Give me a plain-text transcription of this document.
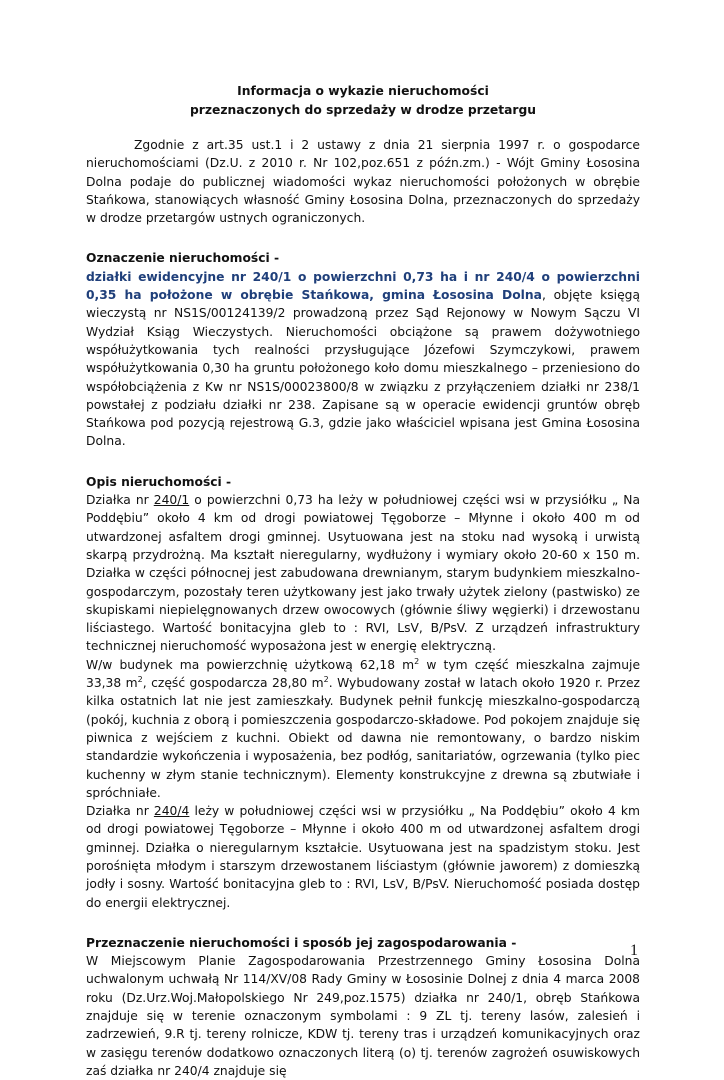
Informacja o wykazie nieruchomości
przeznaczonych do sprzedaży w drodze przetargu

Zgodnie z art.35 ust.1 i 2 ustawy z dnia 21 sierpnia 1997 r. o gospodarce nieruchomościami (Dz.U. z 2010 r. Nr 102,poz.651 z późn.zm.) - Wójt Gminy Łososina Dolna podaje do publicznej wiadomości wykaz nieruchomości położonych w obrębie Stańkowa, stanowiących własność Gminy Łososina Dolna, przeznaczonych do sprzedaży w drodze przetargów ustnych ograniczonych.

Oznaczenie nieruchomości -

działki ewidencyjne nr 240/1 o powierzchni 0,73 ha i nr 240/4 o powierzchni 0,35 ha położone w obrębie Stańkowa, gmina Łososina Dolna, objęte księgą wieczystą nr NS1S/00124139/2 prowadzoną przez Sąd Rejonowy w Nowym Sączu VI Wydział Ksiąg Wieczystych. Nieruchomości obciążone są prawem dożywotniego współużytkowania tych realności przysługujące Józefowi Szymczykowi, prawem współużytkowania 0,30 ha gruntu położonego koło domu mieszkalnego – przeniesiono do współobciążenia z Kw nr NS1S/00023800/8 w związku z przyłączeniem działki nr 238/1 powstałej z podziału działki nr 238. Zapisane są w operacie ewidencji gruntów obręb Stańkowa pod pozycją rejestrową G.3, gdzie jako właściciel wpisana jest Gmina Łososina Dolna.

Opis nieruchomości -

Działka nr 240/1 o powierzchni 0,73 ha leży w południowej części wsi w przysiółku „ Na Poddębiu” około 4 km od drogi powiatowej Tęgoborze – Młynne i około 400 m od utwardzonej asfaltem drogi gminnej. Usytuowana jest na stoku nad wysoką i urwistą skarpą przydrożną. Ma kształt nieregularny, wydłużony i wymiary około 20-60 x 150 m. Działka w części północnej jest zabudowana drewnianym, starym budynkiem mieszkalno-gospodarczym, pozostały teren użytkowany jest jako trwały użytek zielony (pastwisko) ze skupiskami niepielęgnowanych drzew owocowych (głównie śliwy węgierki) i drzewostanu liściastego. Wartość bonitacyjna gleb to : RVI, LsV, B/PsV. Z urządzeń infrastruktury technicznej nieruchomość wyposażona jest w energię elektryczną.

W/w budynek ma powierzchnię użytkową 62,18 $m^2$ w tym część mieszkalna zajmuje 33,38 $m^2$, część gospodarcza 28,80 $m^2$. Wybudowany został w latach około 1920 r. Przez kilka ostatnich lat nie jest zamieszkały. Budynek pełnił funkcję mieszkalno-gospodarczą (pokój, kuchnia z oborą i pomieszczenia gospodarczo-składowe. Pod pokojem znajduje się piwnica z wejściem z kuchni. Obiekt od dawna nie remontowany, o bardzo niskim standardzie wykończenia i wyposażenia, bez podłóg, sanitariatów, ogrzewania (tylko piec kuchenny w złym stanie technicznym). Elementy konstrukcyjne z drewna są zbutwiałe i spróchniałe.

Działka nr 240/4 leży w południowej części wsi w przysiółku „ Na Poddębiu” około 4 km od drogi powiatowej Tęgoborze – Młynne i około 400 m od utwardzonej asfaltem drogi gminnej. Działka o nieregularnym kształcie. Usytuowana jest na spadzistym stoku. Jest porośnięta młodym i starszym drzewostanem liściastym (głównie jaworem) z domieszką jodły i sosny. Wartość bonitacyjna gleb to : RVI, LsV, B/PsV. Nieruchomość posiada dostęp do energii elektrycznej.

Przeznaczenie nieruchomości i sposób jej zagospodarowania -

W Miejscowym Planie Zagospodarowania Przestrzennego Gminy Łososina Dolna uchwalonym uchwałą Nr 114/XV/08 Rady Gminy w Łososinie Dolnej z dnia 4 marca 2008 roku (Dz.Urz.Woj.Małopolskiego Nr 249,poz.1575) działka nr 240/1, obręb Stańkowa znajduje się w terenie oznaczonym symbolami : 9 ZL tj. tereny lasów, zalesień i zadrzewień, 9.R tj. tereny rolnicze, KDW tj. tereny tras i urządzeń komunikacyjnych oraz w zasięgu terenów dodatkowo oznaczonych literą (o) tj. terenów zagrożeń osuwiskowych zaś działka nr 240/4 znajduje się

1
